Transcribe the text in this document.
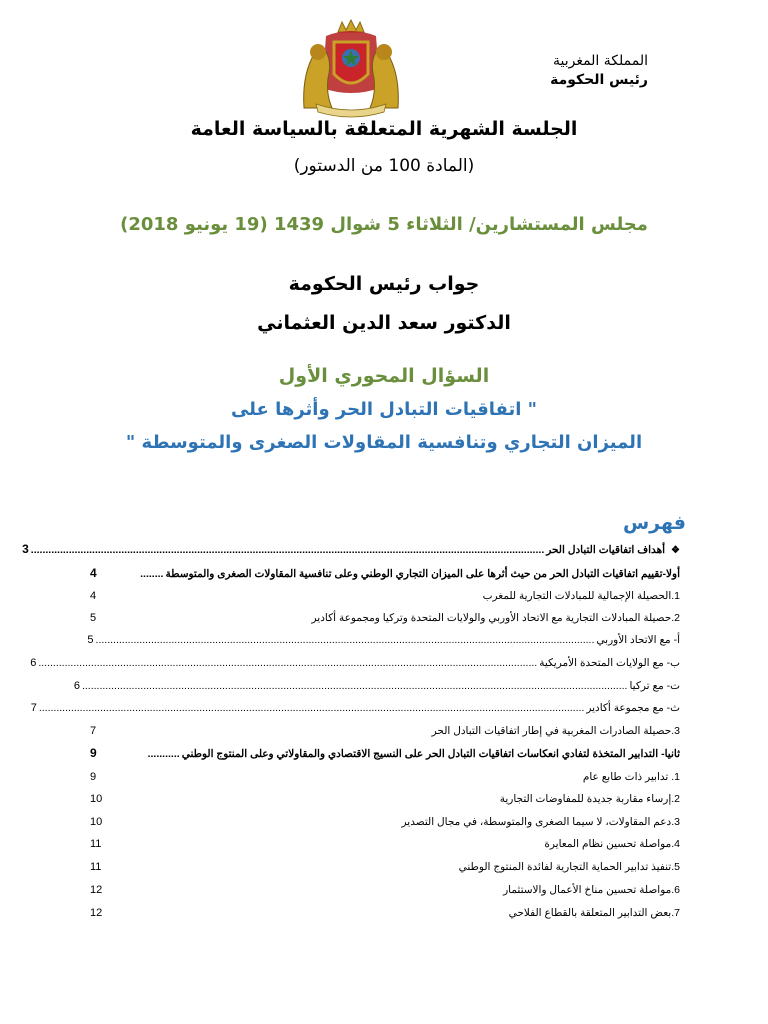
المملكة المغربية
رئيس الحكومة
الجلسة الشهرية المتعلقة بالسياسة العامة
(المادة 100 من الدستور)
مجلس المستشارين/ الثلاثاء 5 شوال 1439 (19 يونيو 2018)
جواب رئيس الحكومة
الدكتور سعد الدين العثماني
السؤال المحوري الأول
" اتفاقيات التبادل الحر وأثرها على
الميزان التجاري وتنافسية المقاولات الصغرى والمتوسطة "
فهرس
❖
أهداف اتفاقيات التبادل الحر
................................................................................................................................................................................
3
أولا-تقييم اتفاقيات التبادل الحر من حيث أثرها على الميزان التجاري الوطني وعلى تنافسية المقاولات الصغرى والمتوسطة
........
4
1.الحصيلة الإجمالية للمبادلات التجارية للمغرب
4
2.حصيلة المبادلات التجارية مع الاتحاد الأوربي والولايات المتحدة وتركيا ومجموعة أكادير
5
أ- مع الاتحاد الأوربي
...........................................................................................................................................................................
5
ب- مع الولايات المتحدة الأمريكية
...........................................................................................................................................................................
6
ت- مع تركيا
...........................................................................................................................................................................................
6
ث- مع مجموعة أكادير
...........................................................................................................................................................................................
7
3.حصيلة الصادرات المغربية في إطار اتفاقيات التبادل الحر
7
ثانيا- التدابير المتخذة لتفادي انعكاسات اتفاقيات التبادل الحر على النسيج الاقتصادي والمقاولاتي وعلى المنتوج الوطني
...........
9
1. تدابير ذات طابع عام
9
2.إرساء مقاربة جديدة للمفاوضات التجارية
10
3.دعم المقاولات، لا سيما الصغرى والمتوسطة، في مجال التصدير
10
4.مواصلة تحسين نظام المعايرة
11
5.تنفيذ تدابير الحماية التجارية لفائدة المنتوج الوطني
11
6.مواصلة تحسين مناخ الأعمال والاستثمار
12
7.بعض التدابير المتعلقة بالقطاع الفلاحي
12
